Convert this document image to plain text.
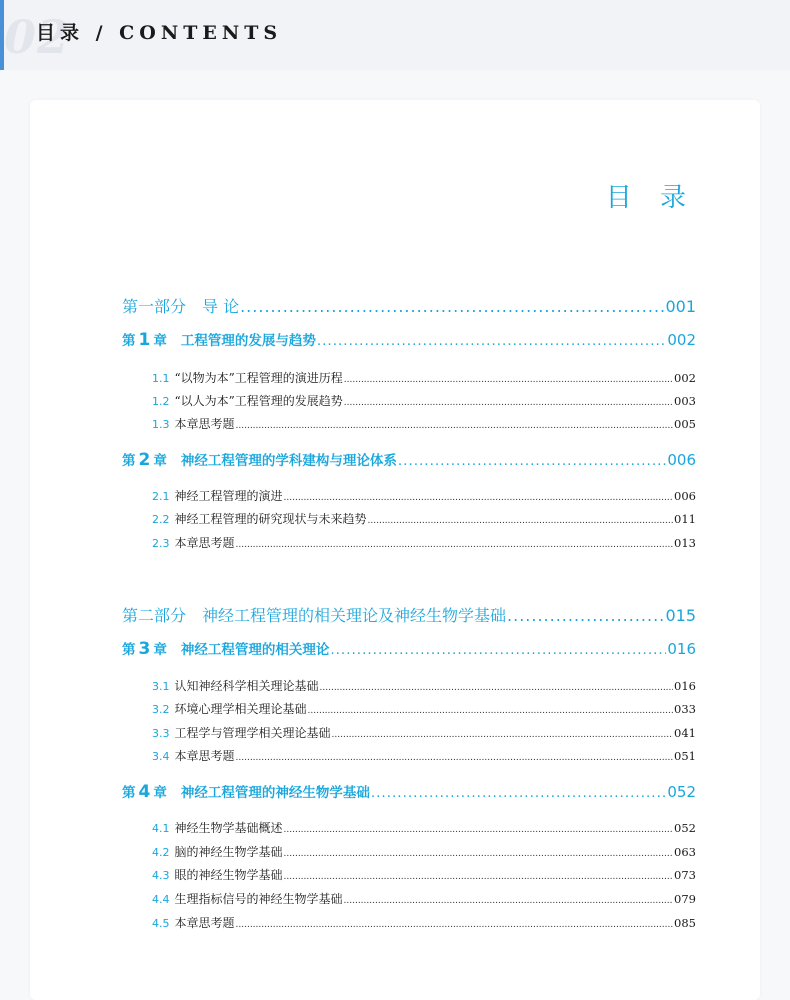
02
目录 / CONTENTS
目 录
第一部分　导 论 .....	001
第 1 章 工程管理的发展与趋势 .....	002
1.1 “以物为本”工程管理的演进历程 .....	002
1.2 “以人为本”工程管理的发展趋势 .....	003
1.3 本章思考题 .....	005
第 2 章 神经工程管理的学科建构与理论体系 .....	006
2.1 神经工程管理的演进 .....	006
2.2 神经工程管理的研究现状与未来趋势 .....	011
2.3 本章思考题 .....	013
第二部分　神经工程管理的相关理论及神经生物学基础 .....	015
第 3 章 神经工程管理的相关理论 .....	016
3.1 认知神经科学相关理论基础 .....	016
3.2 环境心理学相关理论基础 .....	033
3.3 工程学与管理学相关理论基础 .....	041
3.4 本章思考题 .....	051
第 4 章 神经工程管理的神经生物学基础 .....	052
4.1 神经生物学基础概述 .....	052
4.2 脑的神经生物学基础 .....	063
4.3 眼的神经生物学基础 .....	073
4.4 生理指标信号的神经生物学基础 .....	079
4.5 本章思考题 .....	085
